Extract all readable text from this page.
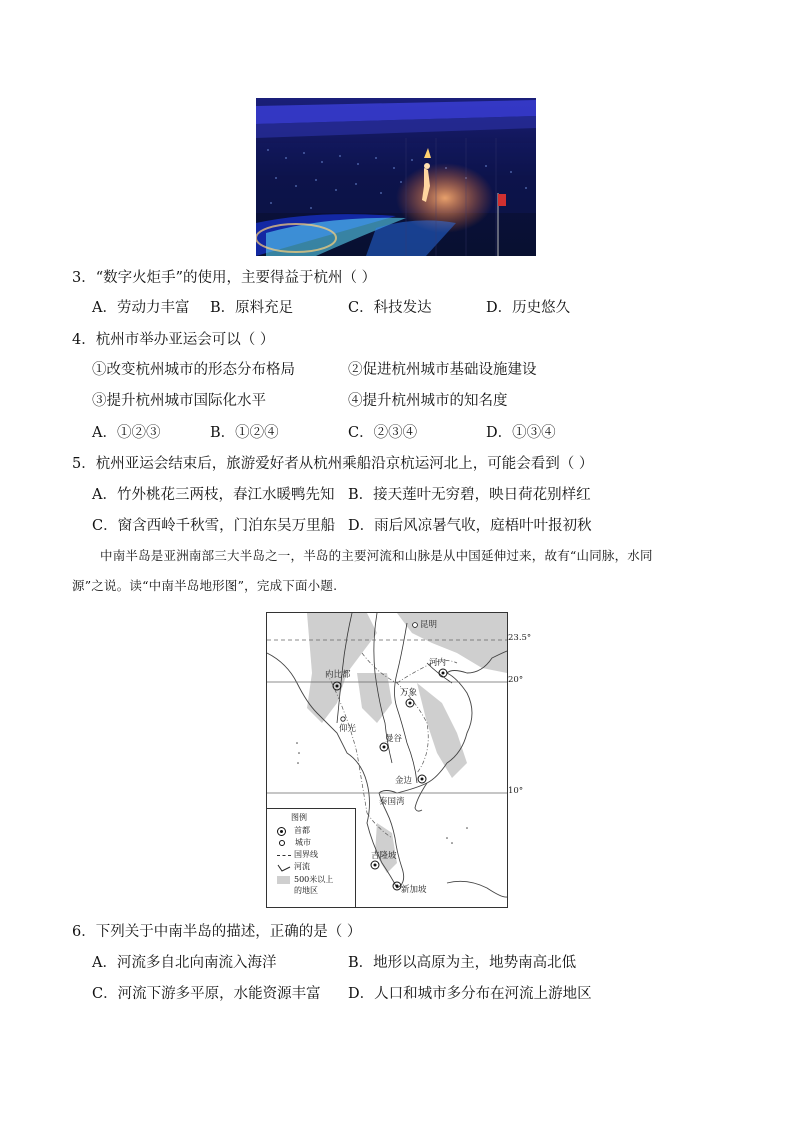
3．“数字火炬手”的使用，主要得益于杭州（ ）
A．劳动力丰富 B．原料充足	C．科技发达	D．历史悠久
4．杭州市举办亚运会可以（ ）
①改变杭州城市的形态分布格局	②促进杭州城市基础设施建设
③提升杭州城市国际化水平	④提升杭州城市的知名度
A．①②③	B．①②④	C．②③④	D．①③④
5．杭州亚运会结束后，旅游爱好者从杭州乘船沿京杭运河北上，可能会看到（ ）
A．竹外桃花三两枝，春江水暖鸭先知 B．接天莲叶无穷碧，映日荷花别样红
C．窗含西岭千秋雪，门泊东吴万里船 D．雨后风凉暑气收，庭梧叶叶报初秋
中南半岛是亚洲南部三大半岛之一，半岛的主要河流和山脉是从中国延伸过来，故有“山同脉，水同
源”之说。读“中南半岛地形图”，完成下面小题.
昆明
河内
内比都
万象
仰光
曼谷
金边
泰国湾
吉隆坡
新加坡
图例
首都
城市
国界线
河流
500米以上
的地区
23.5°
20°
10°
6．下列关于中南半岛的描述，正确的是（ ）
A．河流多自北向南流入海洋	B．地形以高原为主，地势南高北低
C．河流下游多平原，水能资源丰富 D．人口和城市多分布在河流上游地区
